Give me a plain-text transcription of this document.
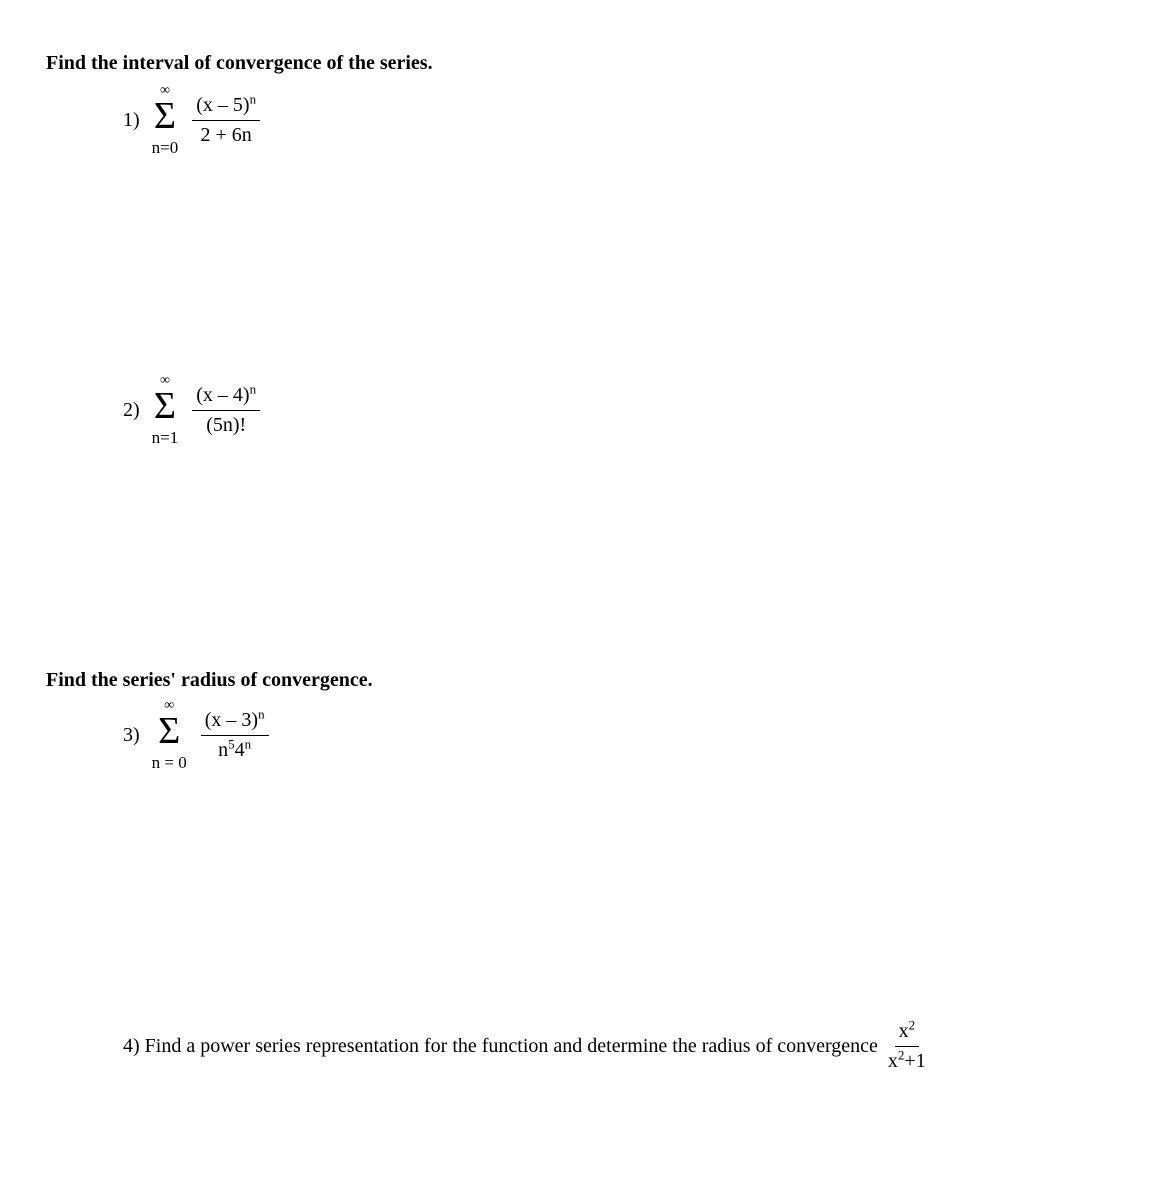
Find the interval of convergence of the series.
1)
∞
Σ
n=0
$\frac{(x - 5)^n}{2 + 6n}$
2)
∞
Σ
n=1
$\frac{(x - 4)^n}{(5n)!}$
Find the series' radius of convergence.
3)
∞
Σ
n = 0
$\frac{(x - 3)^n}{n^54^n}$
4) Find a power series representation for the function and determine the radius of convergence $\frac{x^2}{x^2+1}$
